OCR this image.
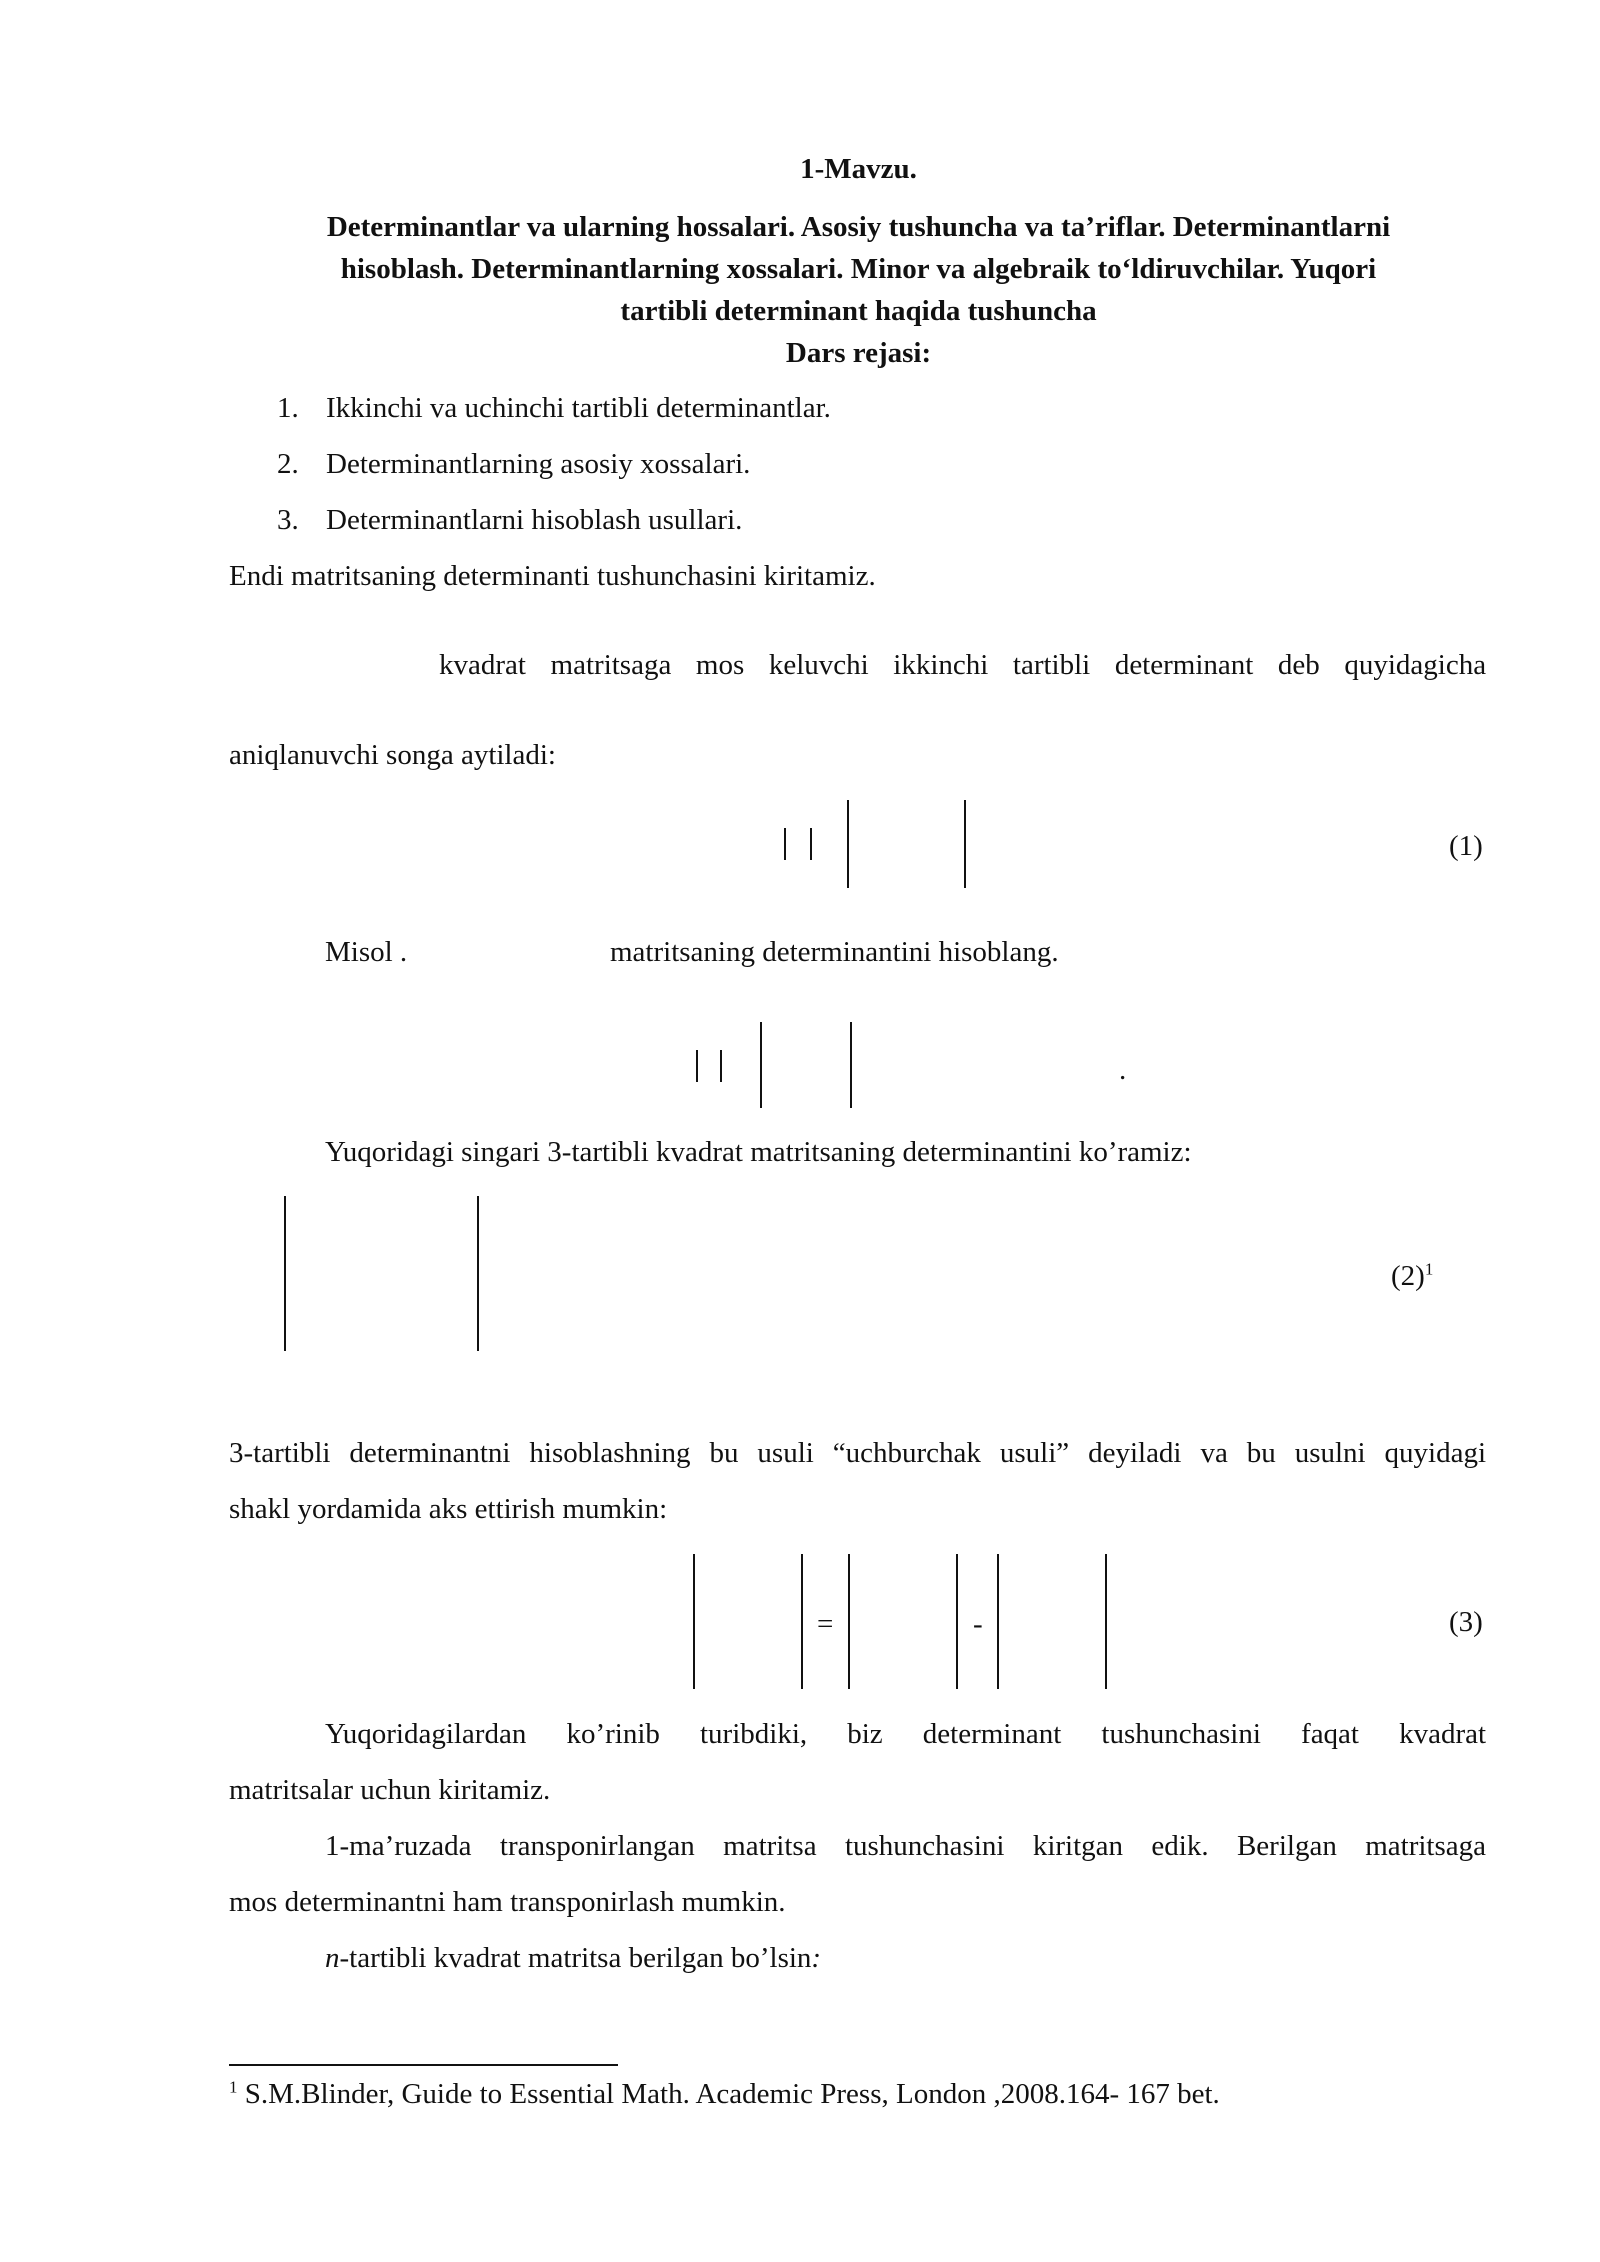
1-Mavzu.
Determinantlar va ularning hossalari. Asosiy tushuncha va ta’riflar. Determinantlarni
hisoblash. Determinantlarning xossalari. Minor va algebraik to‘ldiruvchilar. Yuqori
tartibli determinant haqida tushuncha
Dars rejasi:
1. Ikkinchi va uchinchi tartibli determinantlar.
2. Determinantlarning asosiy xossalari.
3. Determinantlarni hisoblash usullari.
Endi matritsaning determinanti tushunchasini kiritamiz.
kvadrat matritsaga mos keluvchi ikkinchi tartibli determinant deb quyidagicha
aniqlanuvchi songa aytiladi:
(1)
Misol .	matritsaning determinantini hisoblang.
.
Yuqoridagi singari 3-tartibli kvadrat matritsaning determinantini ko’ramiz:
$(2)^1$
3-tartibli determinantni hisoblashning bu usuli “uchburchak usuli” deyiladi va bu usulni quyidagi
shakl yordamida aks ettirish mumkin:
=	-	(3)
Yuqoridagilardan ko’rinib turibdiki, biz determinant tushunchasini faqat kvadrat
matritsalar uchun kiritamiz.
1-ma’ruzada transponirlangan matritsa tushunchasini kiritgan edik. Berilgan matritsaga
mos determinantni ham transponirlash mumkin.
n-tartibli kvadrat matritsa berilgan bo’lsin:
$^1$ S.M.Blinder, Guide to Essential Math. Academic Press, London ,2008.164- 167 bet.
